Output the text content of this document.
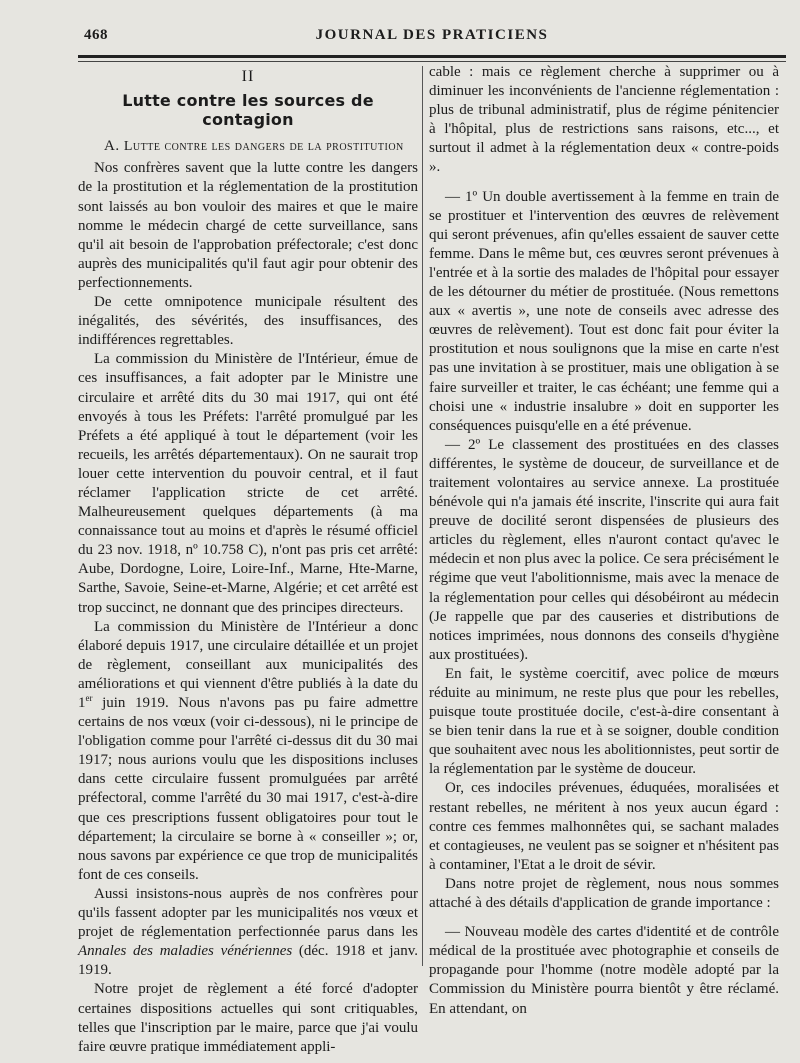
468	JOURNAL DES PRATICIENS
II
Lutte contre les sources de contagion

A. Lutte contre les dangers de la prostitution

Nos confrères savent que la lutte contre les dangers de la prostitution et la réglementation de la prostitution sont laissés au bon vouloir des maires et que le maire nomme le médecin chargé de cette surveillance, sans qu'il ait besoin de l'approbation préfectorale; c'est donc auprès des municipalités qu'il faut agir pour obtenir des perfectionnements.

De cette omnipotence municipale résultent des inégalités, des sévérités, des insuffisances, des indifférences regrettables.

La commission du Ministère de l'Intérieur, émue de ces insuffisances, a fait adopter par le Ministre une circulaire et arrêté dits du 30 mai 1917, qui ont été envoyés à tous les Préfets: l'arrêté promulgué par les Préfets a été appliqué à tout le département (voir les recueils, les arrêtés départementaux). On ne saurait trop louer cette intervention du pouvoir central, et il faut réclamer l'application stricte de cet arrêté. Malheureusement quelques départements (à ma connaissance tout au moins et d'après le résumé officiel du 23 nov. 1918, nº 10.758 C), n'ont pas pris cet arrêté: Aube, Dordogne, Loire, Loire-Inf., Marne, Hte-Marne, Sarthe, Savoie, Seine-et-Marne, Algérie; et cet arrêté est trop succinct, ne donnant que des principes directeurs.

La commission du Ministère de l'Intérieur a donc élaboré depuis 1917, une circulaire détaillée et un projet de règlement, conseillant aux municipalités des améliorations et qui viennent d'être publiés à la date du 1er juin 1919. Nous n'avons pas pu faire admettre certains de nos vœux (voir ci-dessous), ni le principe de l'obligation comme pour l'arrêté ci-dessus dit du 30 mai 1917; nous aurions voulu que les dispositions incluses dans cette circulaire fussent promulguées par arrêté préfectoral, comme l'arrêté du 30 mai 1917, c'est-à-dire que ces prescriptions fussent obligatoires pour tout le département; la circulaire se borne à « conseiller »; or, nous savons par expérience ce que trop de municipalités font de ces conseils.

Aussi insistons-nous auprès de nos confrères pour qu'ils fassent adopter par les municipalités nos vœux et projet de réglementation perfectionnée parus dans les Annales des maladies vénériennes (déc. 1918 et janv. 1919.

Notre projet de règlement a été forcé d'adopter certaines dispositions actuelles qui sont critiquables, telles que l'inscription par le maire, parce que j'ai voulu faire œuvre pratique immédiatement appli-

cable : mais ce règlement cherche à supprimer ou à diminuer les inconvénients de l'ancienne réglementation : plus de tribunal administratif, plus de régime pénitencier à l'hôpital, plus de restrictions sans raisons, etc..., et surtout il admet à la réglementation deux « contre-poids ».

— 1º Un double avertissement à la femme en train de se prostituer et l'intervention des œuvres de relèvement qui seront prévenues, afin qu'elles essaient de sauver cette femme. Dans le même but, ces œuvres seront prévenues à l'entrée et à la sortie des malades de l'hôpital pour essayer de les détourner du métier de prostituée. (Nous remettons aux « avertis », une note de conseils avec adresse des œuvres de relèvement). Tout est donc fait pour éviter la prostitution et nous soulignons que la mise en carte n'est pas une invitation à se prostituer, mais une obligation à se faire surveiller et traiter, le cas échéant; une femme qui a choisi une « industrie insalubre » doit en supporter les conséquences puisqu'elle en a été prévenue.

— 2º Le classement des prostituées en des classes différentes, le système de douceur, de surveillance et de traitement volontaires au service annexe. La prostituée bénévole qui n'a jamais été inscrite, l'inscrite qui aura fait preuve de docilité seront dispensées de plusieurs des articles du règlement, elles n'auront contact qu'avec le médecin et non plus avec la police. Ce sera précisément le régime que veut l'abolitionnisme, mais avec la menace de la réglementation pour celles qui désobéiront au médecin (Je rappelle que par des causeries et distributions de notices imprimées, nous donnons des conseils d'hygiène aux prostituées).

En fait, le système coercitif, avec police de mœurs réduite au minimum, ne reste plus que pour les rebelles, puisque toute prostituée docile, c'est-à-dire consentant à se bien tenir dans la rue et à se soigner, double condition que souhaitent avec nous les abolitionnistes, peut sortir de la réglementation par le système de douceur.

Or, ces indociles prévenues, éduquées, moralisées et restant rebelles, ne méritent à nos yeux aucun égard : contre ces femmes malhonnêtes qui, se sachant malades et contagieuses, ne veulent pas se soigner et n'hésitent pas à contaminer, l'Etat a le droit de sévir.

Dans notre projet de règlement, nous nous sommes attaché à des détails d'application de grande importance :

— Nouveau modèle des cartes d'identité et de contrôle médical de la prostituée avec photographie et conseils de propagande pour l'homme (notre modèle adopté par la Commission du Ministère pourra bientôt y être réclamé. En attendant, on
